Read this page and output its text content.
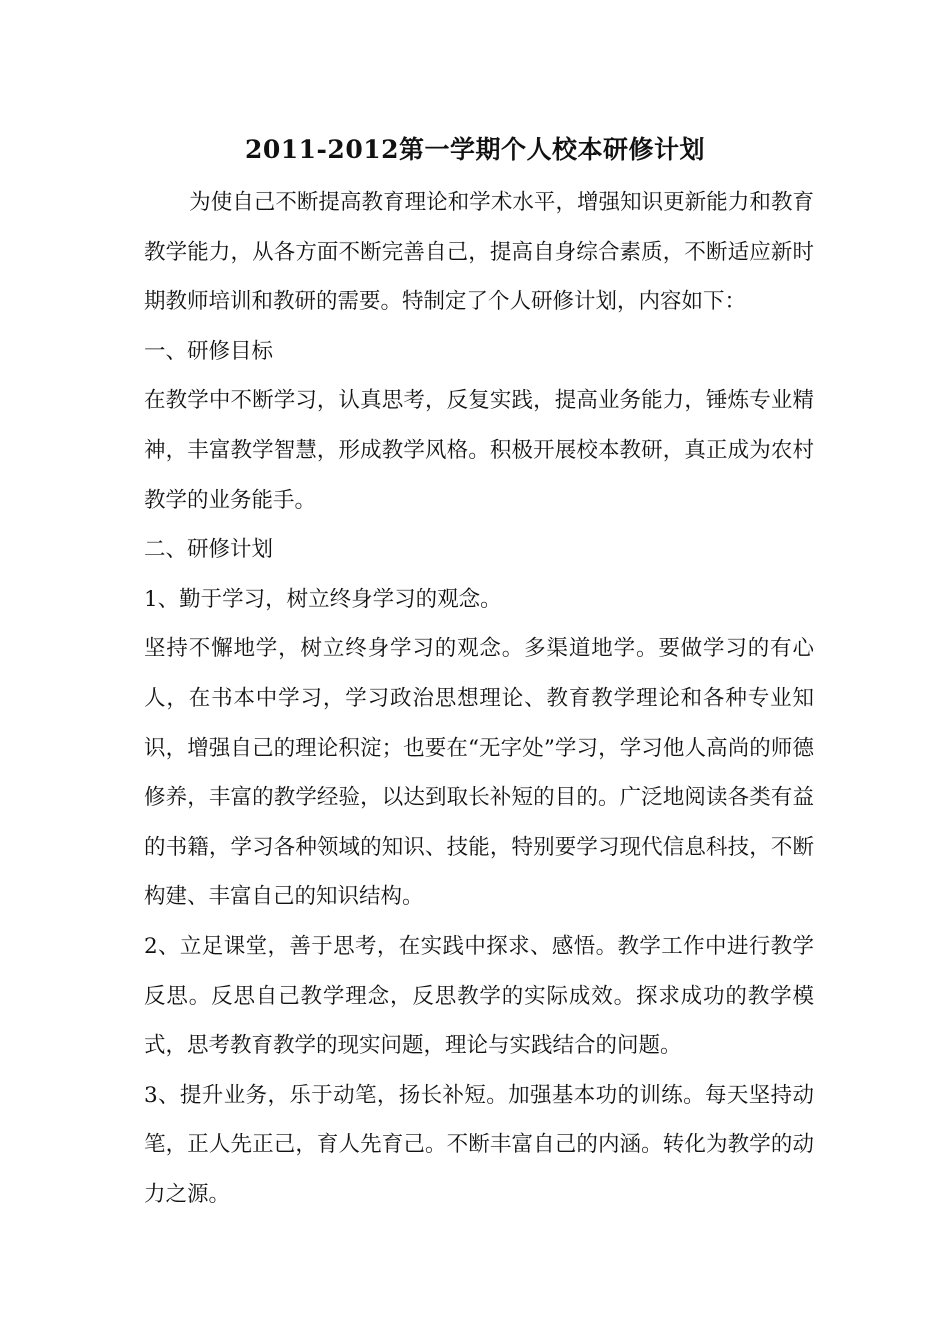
2011-2012第一学期个人校本研修计划

为使自己不断提高教育理论和学术水平，增强知识更新能力和教育教学能力，从各方面不断完善自己，提高自身综合素质，不断适应新时期教师培训和教研的需要。特制定了个人研修计划，内容如下：

一、研修目标

在教学中不断学习，认真思考，反复实践，提高业务能力，锤炼专业精神，丰富教学智慧，形成教学风格。积极开展校本教研，真正成为农村教学的业务能手。

二、研修计划

1、勤于学习，树立终身学习的观念。

坚持不懈地学，树立终身学习的观念。多渠道地学。要做学习的有心人，在书本中学习，学习政治思想理论、教育教学理论和各种专业知识，增强自己的理论积淀；也要在“无字处”学习，学习他人高尚的师德修养，丰富的教学经验，以达到取长补短的目的。广泛地阅读各类有益的书籍，学习各种领域的知识、技能，特别要学习现代信息科技，不断构建、丰富自己的知识结构。

2、立足课堂，善于思考，在实践中探求、感悟。教学工作中进行教学反思。反思自己教学理念，反思教学的实际成效。探求成功的教学模式，思考教育教学的现实问题，理论与实践结合的问题。

3、提升业务，乐于动笔，扬长补短。加强基本功的训练。每天坚持动笔，正人先正己，育人先育己。不断丰富自己的内涵。转化为教学的动力之源。
